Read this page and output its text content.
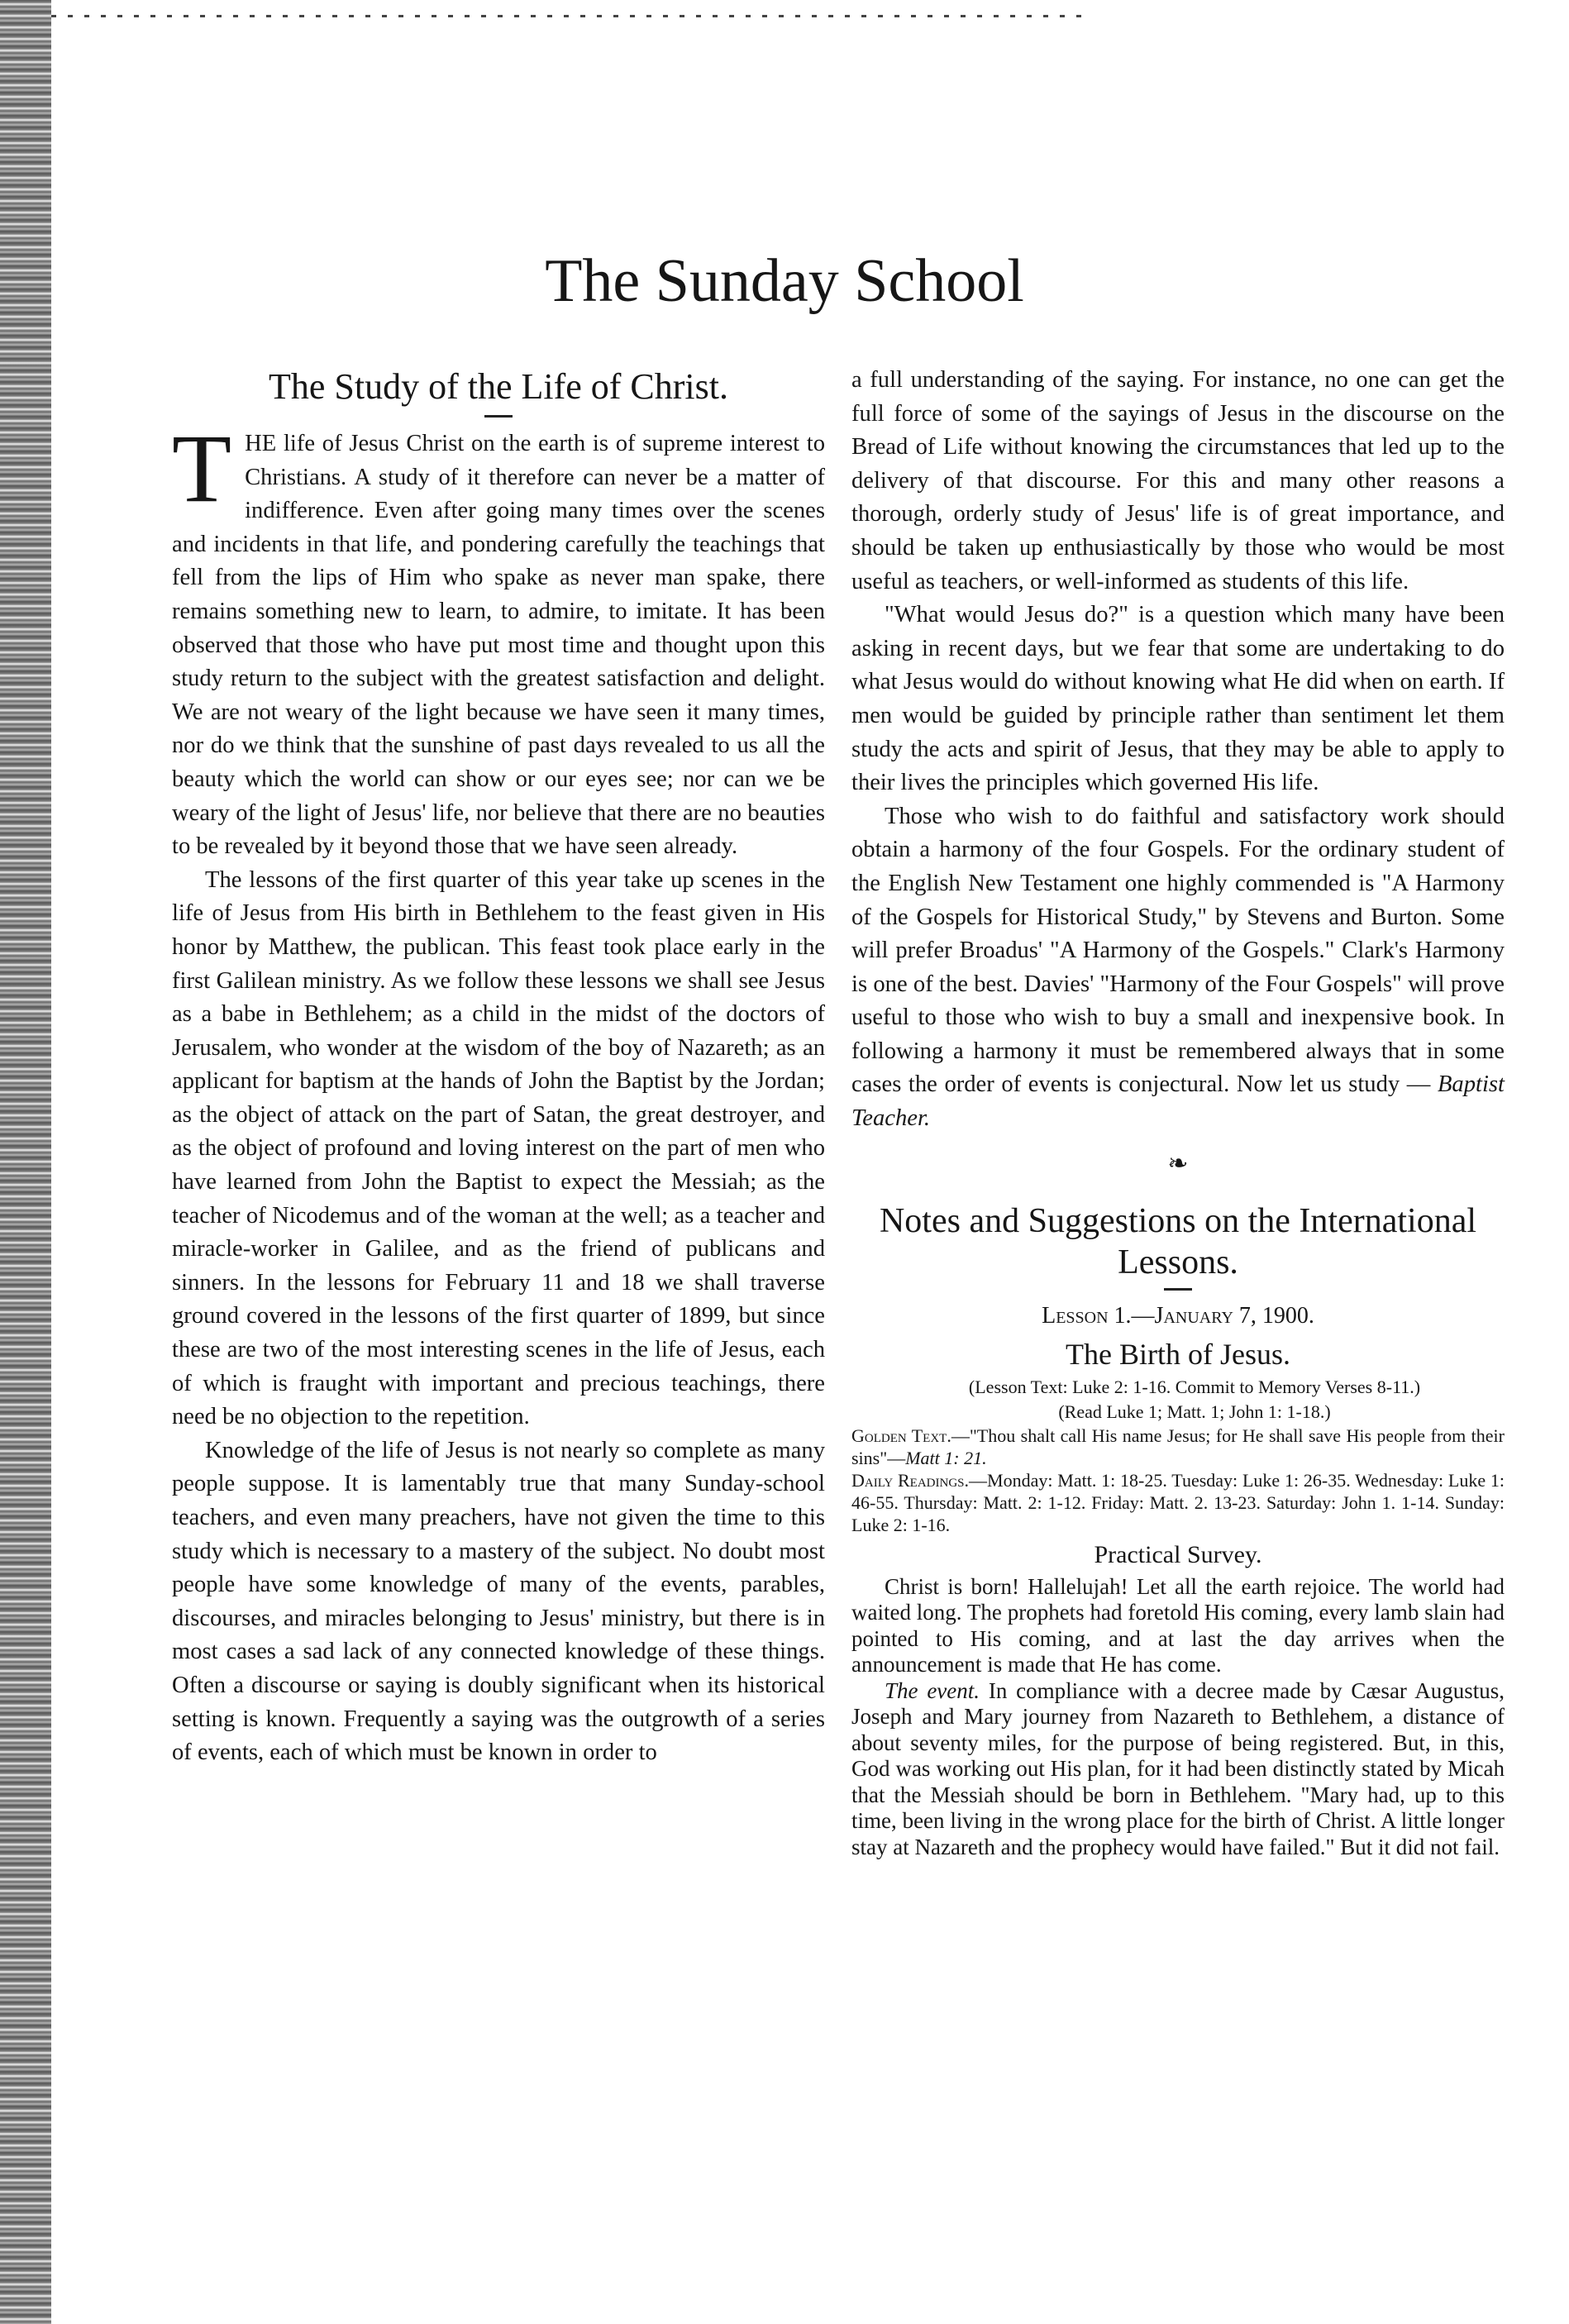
The Sunday School
The Study of the Life of Christ.

THE life of Jesus Christ on the earth is of supreme interest to Christians. A study of it therefore can never be a matter of indifference. Even after going many times over the scenes and incidents in that life, and pondering carefully the teachings that fell from the lips of Him who spake as never man spake, there remains something new to learn, to admire, to imitate. It has been observed that those who have put most time and thought upon this study return to the subject with the greatest satisfaction and delight. We are not weary of the light because we have seen it many times, nor do we think that the sunshine of past days revealed to us all the beauty which the world can show or our eyes see; nor can we be weary of the light of Jesus' life, nor believe that there are no beauties to be revealed by it beyond those that we have seen already.

The lessons of the first quarter of this year take up scenes in the life of Jesus from His birth in Bethlehem to the feast given in His honor by Matthew, the publican. This feast took place early in the first Galilean ministry. As we follow these lessons we shall see Jesus as a babe in Bethlehem; as a child in the midst of the doctors of Jerusalem, who wonder at the wisdom of the boy of Nazareth; as an applicant for baptism at the hands of John the Baptist by the Jordan; as the object of attack on the part of Satan, the great destroyer, and as the object of profound and loving interest on the part of men who have learned from John the Baptist to expect the Messiah; as the teacher of Nicodemus and of the woman at the well; as a teacher and miracle-worker in Galilee, and as the friend of publicans and sinners. In the lessons for February 11 and 18 we shall traverse ground covered in the lessons of the first quarter of 1899, but since these are two of the most interesting scenes in the life of Jesus, each of which is fraught with important and precious teachings, there need be no objection to the repetition.

Knowledge of the life of Jesus is not nearly so complete as many people suppose. It is lamentably true that many Sunday-school teachers, and even many preachers, have not given the time to this study which is necessary to a mastery of the subject. No doubt most people have some knowledge of many of the events, parables, discourses, and miracles belonging to Jesus' ministry, but there is in most cases a sad lack of any connected knowledge of these things. Often a discourse or saying is doubly significant when its historical setting is known. Frequently a saying was the outgrowth of a series of events, each of which must be known in order to

a full understanding of the saying. For instance, no one can get the full force of some of the sayings of Jesus in the discourse on the Bread of Life without knowing the circumstances that led up to the delivery of that discourse. For this and many other reasons a thorough, orderly study of Jesus' life is of great importance, and should be taken up enthusiastically by those who would be most useful as teachers, or well-informed as students of this life.

"What would Jesus do?" is a question which many have been asking in recent days, but we fear that some are undertaking to do what Jesus would do without knowing what He did when on earth. If men would be guided by principle rather than sentiment let them study the acts and spirit of Jesus, that they may be able to apply to their lives the principles which governed His life.

Those who wish to do faithful and satisfactory work should obtain a harmony of the four Gospels. For the ordinary student of the English New Testament one highly commended is "A Harmony of the Gospels for Historical Study," by Stevens and Burton. Some will prefer Broadus' "A Harmony of the Gospels." Clark's Harmony is one of the best. Davies' "Harmony of the Four Gospels" will prove useful to those who wish to buy a small and inexpensive book. In following a harmony it must be remembered always that in some cases the order of events is conjectural. Now let us study — Baptist Teacher.

❧
Notes and Suggestions on the International Lessons.
Lesson 1.—January 7, 1900.
The Birth of Jesus.

(Lesson Text: Luke 2: 1-16. Commit to Memory Verses 8-11.)

(Read Luke 1; Matt. 1; John 1: 1-18.)

Golden Text.—"Thou shalt call His name Jesus; for He shall save His people from their sins"—Matt 1: 21.

Daily Readings.—Monday: Matt. 1: 18-25. Tuesday: Luke 1: 26-35. Wednesday: Luke 1: 46-55. Thursday: Matt. 2: 1-12. Friday: Matt. 2. 13-23. Saturday: John 1. 1-14. Sunday: Luke 2: 1-16.

Practical Survey.

Christ is born! Hallelujah! Let all the earth rejoice. The world had waited long. The prophets had foretold His coming, every lamb slain had pointed to His coming, and at last the day arrives when the announcement is made that He has come.

The event. In compliance with a decree made by Cæsar Augustus, Joseph and Mary journey from Nazareth to Bethlehem, a distance of about seventy miles, for the purpose of being registered. But, in this, God was working out His plan, for it had been distinctly stated by Micah that the Messiah should be born in Bethlehem. "Mary had, up to this time, been living in the wrong place for the birth of Christ. A little longer stay at Nazareth and the prophecy would have failed." But it did not fail.
